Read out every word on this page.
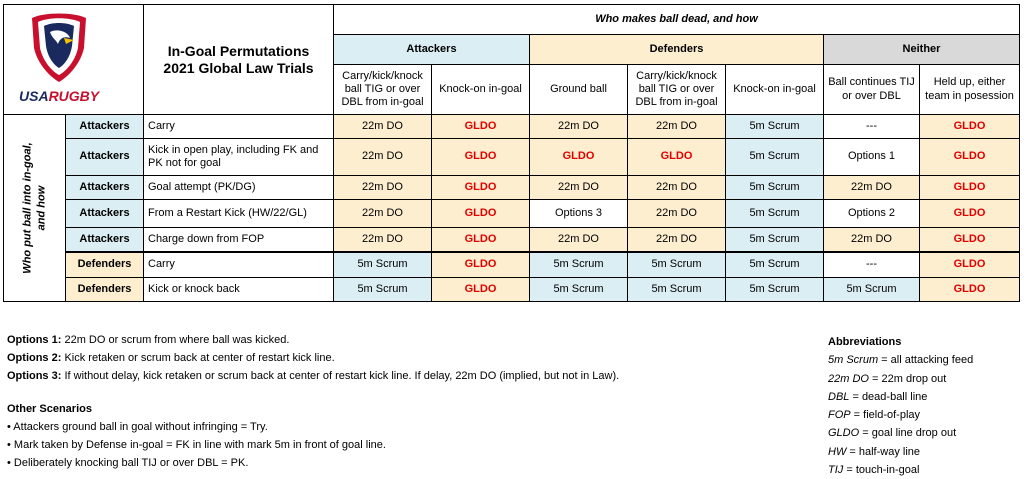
USARUGBY		In-Goal Permutations
2021 Global Law Trials	Who makes ball dead, and how						
			Attackers		Defenders			Neither	
			Carry/kick/knock ball TIG or over DBL from in-goal	Knock-on in-goal	Ground ball	Carry/kick/knock ball TIG or over DBL from in-goal	Knock-on in-goal	Ball continues TIJ or over DBL	Held up, either team in posession

Who put ball into in-goal, and how	Attackers	Carry	22m DO	GLDO	22m DO	22m DO	5m Scrum	---	GLDO
	Attackers	Kick in open play, including FK and PK not for goal	22m DO	GLDO	GLDO	GLDO	5m Scrum	Options 1	GLDO
	Attackers	Goal attempt (PK/DG)	22m DO	GLDO	22m DO	22m DO	5m Scrum	22m DO	GLDO
	Attackers	From a Restart Kick (HW/22/GL)	22m DO	GLDO	Options 3	22m DO	5m Scrum	Options 2	GLDO
	Attackers	Charge down from FOP	22m DO	GLDO	22m DO	22m DO	5m Scrum	22m DO	GLDO
	Defenders	Carry	5m Scrum	GLDO	5m Scrum	5m Scrum	5m Scrum	---	GLDO
	Defenders	Kick or knock back	5m Scrum	GLDO	5m Scrum	5m Scrum	5m Scrum	5m Scrum	GLDO
Options 1: 22m DO or scrum from where ball was kicked.
Options 2: Kick retaken or scrum back at center of restart kick line.
Options 3: If without delay, kick retaken or scrum back at center of restart kick line. If delay, 22m DO (implied, but not in Law).
Other Scenarios
• Attackers ground ball in goal without infringing = Try.
• Mark taken by Defense in-goal = FK in line with mark 5m in front of goal line.
• Deliberately knocking ball TIJ or over DBL = PK.
Abbreviations
5m Scrum = all attacking feed
22m DO = 22m drop out
DBL = dead-ball line
FOP = field-of-play
GLDO = goal line drop out
HW = half-way line
TIJ = touch-in-goal
